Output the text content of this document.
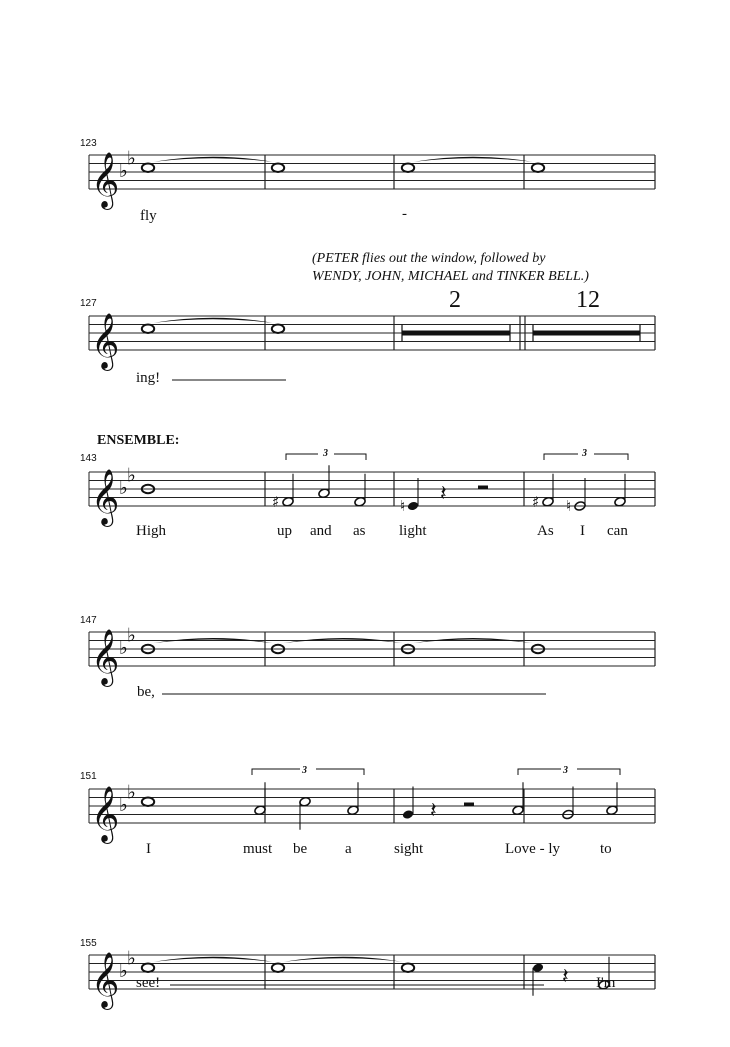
(PETER flies out the window, followed by
WENDY, JOHN, MICHAEL and TINKER BELL.)
ENSEMBLE:
𝄞 ♭
♭
𝄞
𝄞 ♭
♭
♯	♮ 𝄽	♯ ♮
𝄞 ♭
♭
𝄞 ♭
♭
𝄽
𝄞 ♭
♭
𝄽
123
127
143
147
151
155
fly	-
ing!
High	up and as light	As I can
be,
I	must be	a	sight	Love - ly	to
see!	I'm
2	12
3	3
3	3
